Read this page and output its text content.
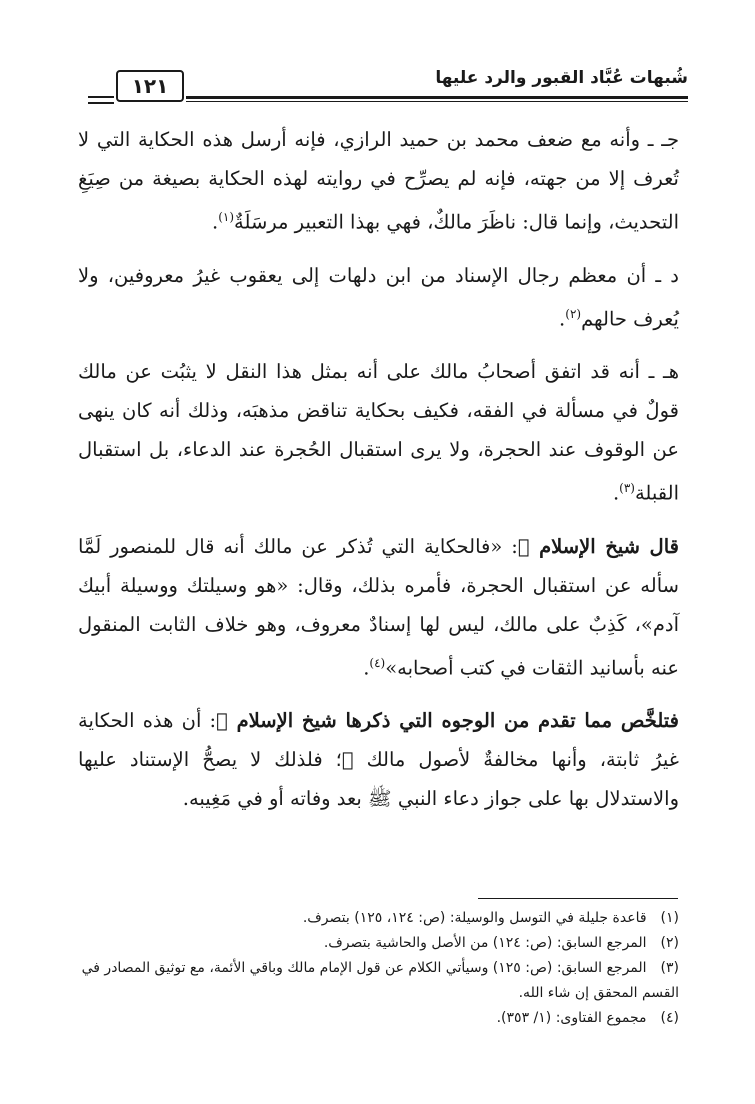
شُبهات عُبَّاد القبور والرد عليها
١٢١

جـ ـ وأنه مع ضعف محمد بن حميد الرازي، فإنه أرسل هذه الحكاية التي لا تُعرف إلا من جهته، فإنه لم يصرِّح في روايته لهذه الحكاية بصيغة من صِيَغِ التحديث، وإنما قال: ناظَرَ مالكٌ، فهي بهذا التعبير مرسَلَةٌ$^{(١)}$.

د ـ أن معظم رجال الإسناد من ابن دلهات إلى يعقوب غيرُ معروفين، ولا يُعرف حالهم$^{(٢)}$.

هـ ـ أنه قد اتفق أصحابُ مالك على أنه بمثل هذا النقل لا يثبُت عن مالك قولٌ في مسألة في الفقه، فكيف بحكاية تناقض مذهبَه، وذلك أنه كان ينهى عن الوقوف عند الحجرة، ولا يرى استقبال الحُجرة عند الدعاء، بل استقبال القبلة$^{(٣)}$.

قال شيخ الإسلام ﷬: «فالحكاية التي تُذكر عن مالك أنه قال للمنصور لَمَّا سأله عن استقبال الحجرة، فأمره بذلك، وقال: «هو وسيلتك ووسيلة أبيك آدم»، كَذِبٌ على مالك، ليس لها إسنادٌ معروف، وهو خلاف الثابت المنقول عنه بأسانيد الثقات في كتب أصحابه»$^{(٤)}$.

فتلخَّص مما تقدم من الوجوه التي ذكرها شيخ الإسلام ﷬: أن هذه الحكاية غيرُ ثابتة، وأنها مخالفةٌ لأصول مالك ﷬؛ فلذلك لا يصحُّ الإستناد عليها والاستدلال بها على جواز دعاء النبي ﷺ بعد وفاته أو في مَغِيبه.

(١) قاعدة جليلة في التوسل والوسيلة: (ص: ١٢٤، ١٢٥) بتصرف.

(٢) المرجع السابق: (ص: ١٢٤) من الأصل والحاشية بتصرف.

(٣) المرجع السابق: (ص: ١٢٥) وسيأتي الكلام عن قول الإمام مالك وباقي الأئمة، مع توثيق المصادر في القسم المحقق إن شاء الله.

(٤) مجموع الفتاوى: (١/ ٣٥٣).
